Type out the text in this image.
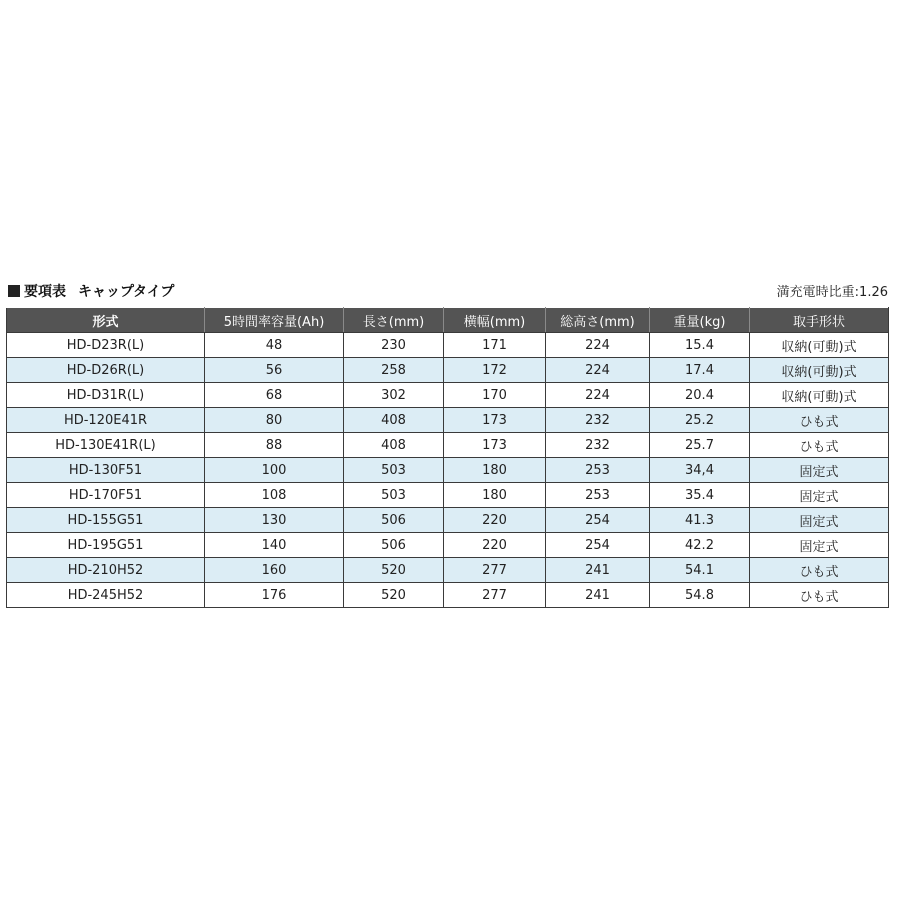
要項表 キャップタイプ	満充電時比重:1.26
形式	5時間率容量(Ah)	長さ(mm)	横幅(mm)	総高さ(mm)	重量(kg)	取手形状
HD-D23R(L)	48	230	171	224	15.4	収納(可動)式
HD-D26R(L)	56	258	172	224	17.4	収納(可動)式
HD-D31R(L)	68	302	170	224	20.4	収納(可動)式
HD-120E41R	80	408	173	232	25.2	ひも式
HD-130E41R(L)	88	408	173	232	25.7	ひも式
HD-130F51	100	503	180	253	34,4	固定式
HD-170F51	108	503	180	253	35.4	固定式
HD-155G51	130	506	220	254	41.3	固定式
HD-195G51	140	506	220	254	42.2	固定式
HD-210H52	160	520	277	241	54.1	ひも式
HD-245H52	176	520	277	241	54.8	ひも式
